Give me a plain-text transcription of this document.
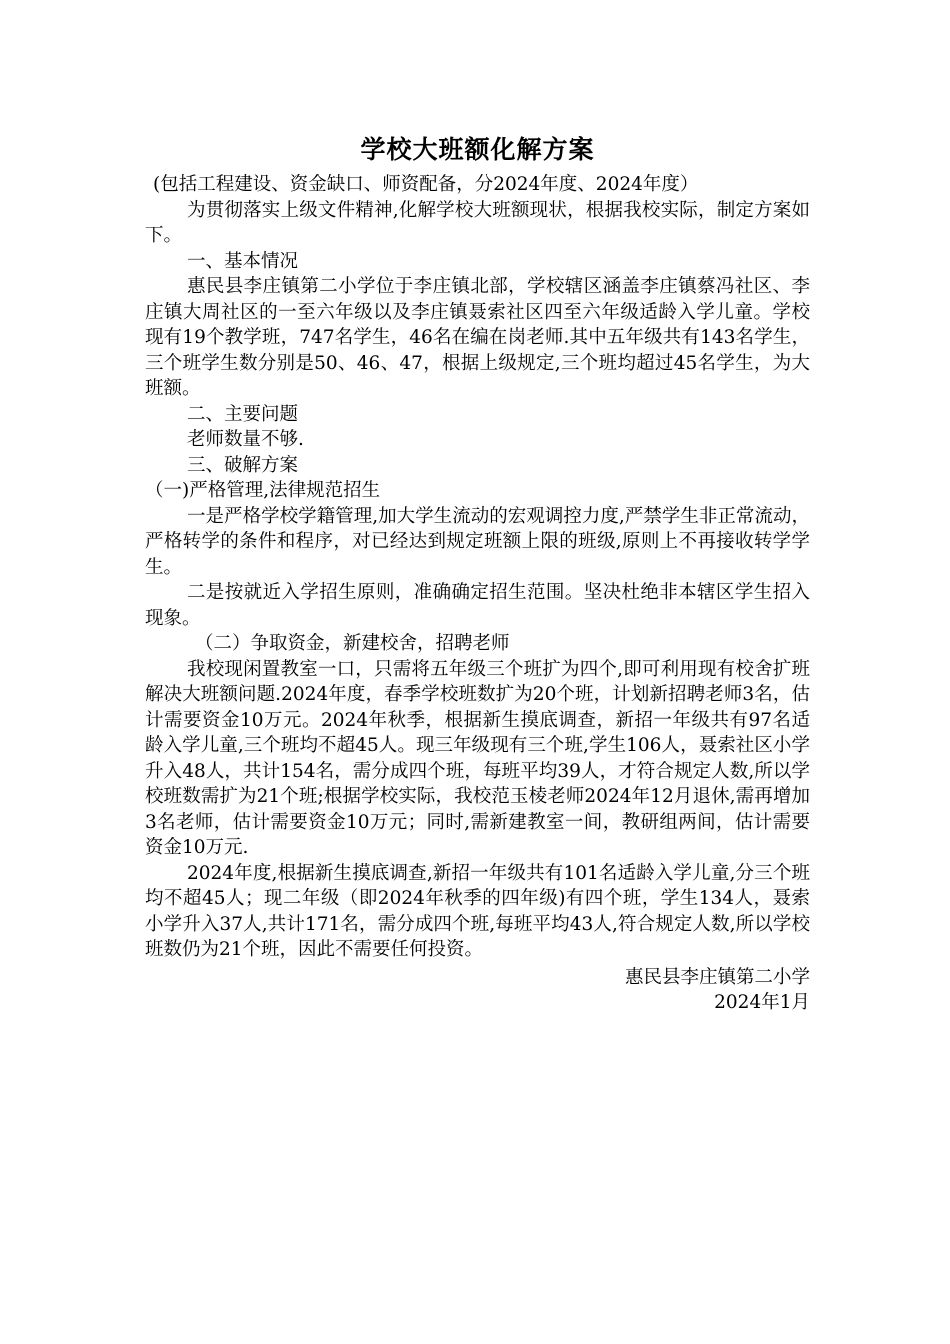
学校大班额化解方案

(包括工程建设、资金缺口、师资配备，分2024年度、2024年度）

为贯彻落实上级文件精神,化解学校大班额现状，根据我校实际，制定方案如下。

一、基本情况

惠民县李庄镇第二小学位于李庄镇北部，学校辖区涵盖李庄镇蔡冯社区、李庄镇大周社区的一至六年级以及李庄镇聂索社区四至六年级适龄入学儿童。学校现有19个教学班，747名学生，46名在编在岗老师.其中五年级共有143名学生，三个班学生数分别是50、46、47，根据上级规定,三个班均超过45名学生，为大班额。

二、主要问题

老师数量不够.

三、破解方案

（一)严格管理,法律规范招生

一是严格学校学籍管理,加大学生流动的宏观调控力度,严禁学生非正常流动，严格转学的条件和程序，对已经达到规定班额上限的班级,原则上不再接收转学学生。

二是按就近入学招生原则，准确确定招生范围。坚决杜绝非本辖区学生招入现象。

（二）争取资金，新建校舍，招聘老师

我校现闲置教室一口，只需将五年级三个班扩为四个,即可利用现有校舍扩班解决大班额问题.2024年度，春季学校班数扩为20个班，计划新招聘老师3名，估计需要资金10万元。2024年秋季，根据新生摸底调查，新招一年级共有97名适龄入学儿童,三个班均不超45人。现三年级现有三个班,学生106人，聂索社区小学升入48人，共计154名，需分成四个班，每班平均39人，才符合规定人数,所以学校班数需扩为21个班;根据学校实际，我校范玉棱老师2024年12月退休,需再增加3名老师，估计需要资金10万元；同时,需新建教室一间，教研组两间，估计需要资金10万元.

2024年度,根据新生摸底调查,新招一年级共有101名适龄入学儿童,分三个班均不超45人；现二年级（即2024年秋季的四年级)有四个班，学生134人，聂索小学升入37人,共计171名，需分成四个班,每班平均43人,符合规定人数,所以学校班数仍为21个班，因此不需要任何投资。

惠民县李庄镇第二小学

2024年1月
